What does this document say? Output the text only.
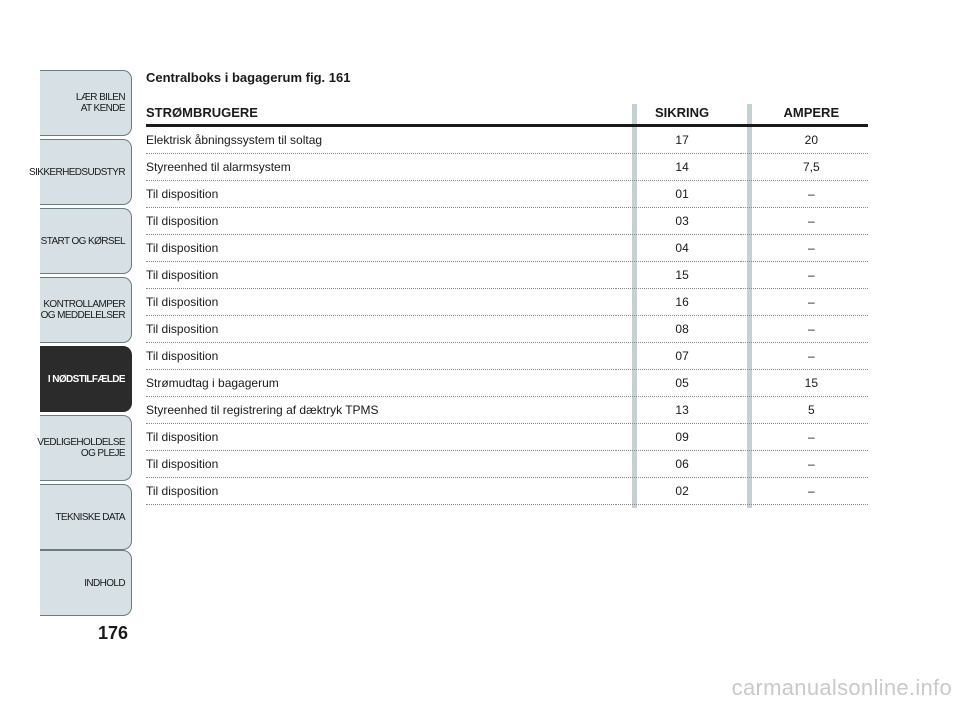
LÆR BILEN
AT KENDE
SIKKERHEDSUDSTYR
START OG KØRSEL
KONTROLLAMPER
OG MEDDELELSER
I NØDSTILFÆLDE
VEDLIGEHOLDELSE
OG PLEJE
TEKNISKE DATA
INDHOLD
176
Centralboks i bagagerum fig. 161
STRØMBRUGERE	SIKRING	AMPERE
Elektrisk åbningssystem til soltag	17	20
Styreenhed til alarmsystem	14	7,5
Til disposition	01	–
Til disposition	03	–
Til disposition	04	–
Til disposition	15	–
Til disposition	16	–
Til disposition	08	–
Til disposition	07	–
Strømudtag i bagagerum	05	15
Styreenhed til registrering af dæktryk TPMS	13	5
Til disposition	09	–
Til disposition	06	–
Til disposition	02	–
carmanualsonline.info
